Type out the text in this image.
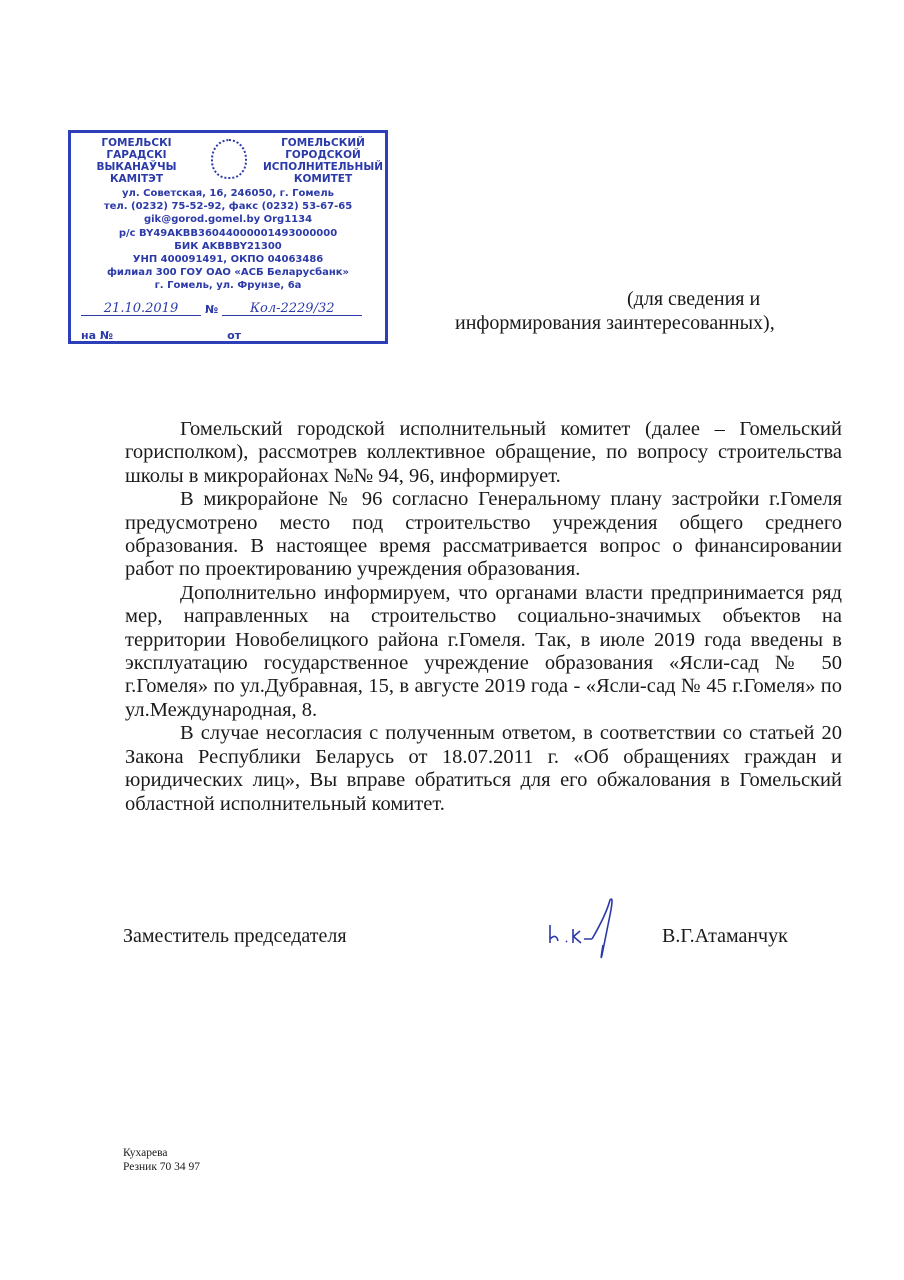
ГОМЕЛЬСКІ
ГАРАДСКІ
ВЫКАНАЎЧЫ
КАМІТЭТ
ГОМЕЛЬСКИЙ
ГОРОДСКОЙ
ИСПОЛНИТЕЛЬНЫЙ
КОМИТЕТ
ул. Советская, 16, 246050, г. Гомель
тел. (0232) 75-52-92, факс (0232) 53-67-65
gik@gorod.gomel.by Org1134
р/с BY49AKBB36044000001493000000
БИК AKBBBY21300
УНП 400091491, ОКПО 04063486
филиал 300 ГОУ ОАО «АСБ Беларусбанк»
г. Гомель, ул. Фрунзе, 6а
21.10.2019	№	Кол-2229/32
на №	от
(для сведения и
информирования заинтересованных),

Гомельский городской исполнительный комитет (далее – Гомельский горисполком), рассмотрев коллективное обращение, по вопросу строительства школы в микрорайонах №№ 94, 96, информирует.

В микрорайоне № 96 согласно Генеральному плану застройки г.Гомеля предусмотрено место под строительство учреждения общего среднего образования. В настоящее время рассматривается вопрос о финансировании работ по проектированию учреждения образования.

Дополнительно информируем, что органами власти предпринимается ряд мер, направленных на строительство социально-значимых объектов на территории Новобелицкого района г.Гомеля. Так, в июле 2019 года введены в эксплуатацию государственное учреждение образования «Ясли-сад № 50 г.Гомеля» по ул.Дубравная, 15, в августе 2019 года - «Ясли-сад № 45 г.Гомеля» по ул.Международная, 8.

В случае несогласия с полученным ответом, в соответствии со статьей 20 Закона Республики Беларусь от 18.07.2011 г. «Об обращениях граждан и юридических лиц», Вы вправе обратиться для его обжалования в Гомельский областной исполнительный комитет.

Заместитель председателя	В.Г.Атаманчук
Кухарева
Резник 70 34 97
